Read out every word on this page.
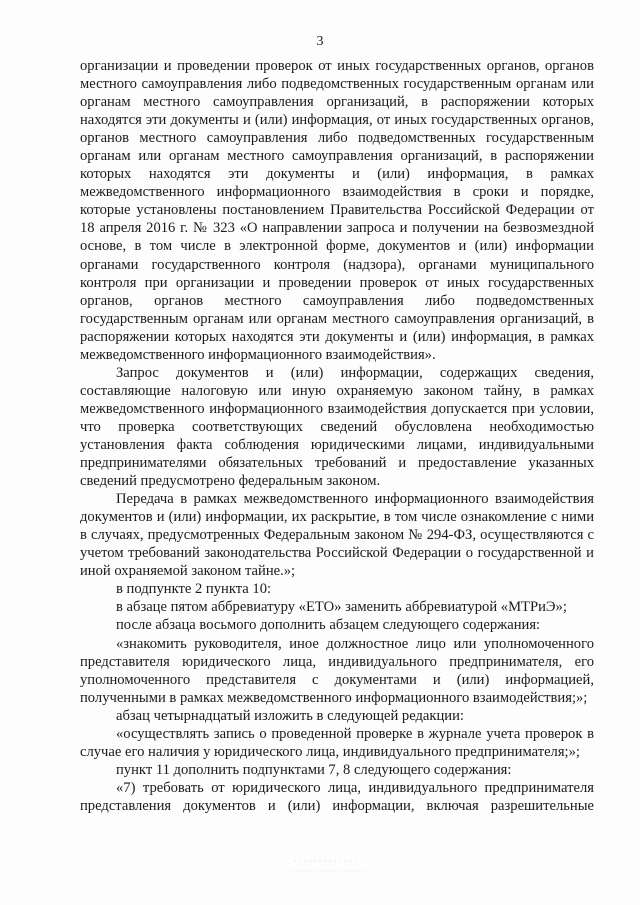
3

организации и проведении проверок от иных государственных органов, органов местного самоуправления либо подведомственных государственным органам или органам местного самоуправления организаций, в распоряжении которых находятся эти документы и (или) информация, от иных государственных органов, органов местного самоуправления либо подведомственных государственным органам или органам местного самоуправления организаций, в распоряжении которых находятся эти документы и (или) информация, в рамках межведомственного информационного взаимодействия в сроки и порядке, которые установлены постановлением Правительства Российской Федерации от 18 апреля 2016 г. № 323 «О направлении запроса и получении на безвозмездной основе, в том числе в электронной форме, документов и (или) информации органами государственного контроля (надзора), органами муниципального контроля при организации и проведении проверок от иных государственных органов, органов местного самоуправления либо подведомственных государственным органам или органам местного самоуправления организаций, в распоряжении которых находятся эти документы и (или) информация, в рамках межведомственного информационного взаимодействия».

Запрос документов и (или) информации, содержащих сведения, составляющие налоговую или иную охраняемую законом тайну, в рамках межведомственного информационного взаимодействия допускается при условии, что проверка соответствующих сведений обусловлена необходимостью установления факта соблюдения юридическими лицами, индивидуальными предпринимателями обязательных требований и предоставление указанных сведений предусмотрено федеральным законом.

Передача в рамках межведомственного информационного взаимодействия документов и (или) информации, их раскрытие, в том числе ознакомление с ними в случаях, предусмотренных Федеральным законом № 294-ФЗ, осуществляются с учетом требований законодательства Российской Федерации о государственной и иной охраняемой законом тайне.»;

в подпункте 2 пункта 10:

в абзаце пятом аббревиатуру «ЕТО» заменить аббревиатурой «МТРиЭ»;

после абзаца восьмого дополнить абзацем следующего содержания:

«знакомить руководителя, иное должностное лицо или уполномоченного представителя юридического лица, индивидуального предпринимателя, его уполномоченного представителя с документами и (или) информацией, полученными в рамках межведомственного информационного взаимодействия;»;

абзац четырнадцатый изложить в следующей редакции:

«осуществлять запись о проведенной проверке в журнале учета проверок в случае его наличия у юридического лица, индивидуального предпринимателя;»;

пункт 11 дополнить подпунктами 7, 8 следующего содержания:

«7) требовать от юридического лица, индивидуального предпринимателя представления документов и (или) информации, включая разрешительные
